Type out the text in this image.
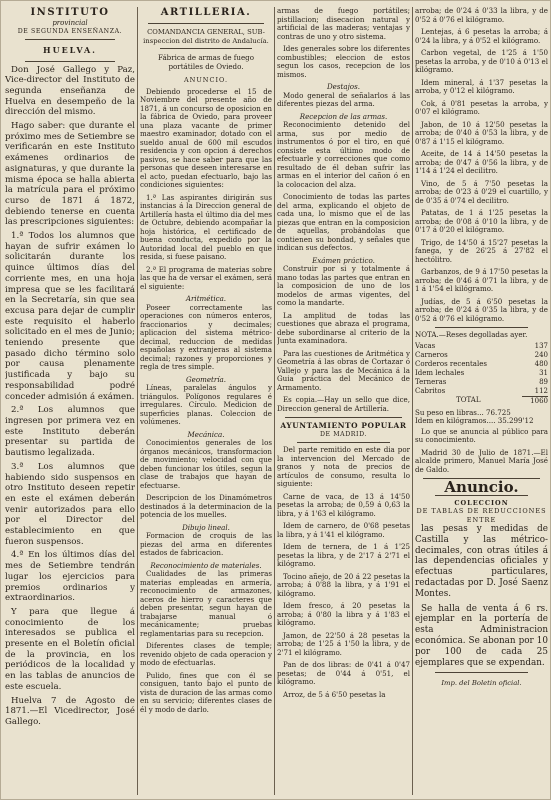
INSTITUTO
provincial
DE SEGUNDA ENSEÑANZA.
HUELVA.

Don José Gallego y Paz, Vice-director del Instituto de segunda enseñanza de Huelva en desempeño de la dirección del mismo.

Hago saber: que durante el próximo mes de Setiembre se verificarán en este Instituto exámenes ordinarios de asignaturas, y que durante la misma época se halla abierta la matrícula para el próximo curso de 1871 á 1872, debiendo tenerse en cuenta las prescripciones siguientes:

1.ª Todos los alumnos que hayan de sufrir exámen lo solicitarán durante los quince últimos días del corriente mes, en una hoja impresa que se les facilitará en la Secretaría, sin que sea excusa para dejar de cumplir este requisito el haberlo solicitado en el mes de Junio; teniendo presente que pasado dicho término solo por causa plenamente justificada y bajo su responsabilidad podré conceder admisión á exámen.

2.ª Los alumnos que ingresen por primera vez en este Instituto deberán presentar su partida de bautismo legalizada.

3.ª Los alumnos que habiendo sido suspensos en otro Instituto deseen repetir en este el exámen deberán venir autorizados para ello por el Director del establecimiento en que fueron suspensos.

4.ª En los últimos días del mes de Setiembre tendrán lugar los ejercicios para premios ordinarios y extraordinarios.

Y para que llegue á conocimiento de los interesados se publica el presente en el Boletín oficial de la provincia, en los periódicos de la localidad y en las tablas de anuncios de este escuela.

Huelva 7 de Agosto de 1871.—El Vicedirector, José Gallego.

ARTILLERIA.
COMANDANCIA GENERAL, SUB-inspeccion del distrito de Andalucía.
Fábrica de armas de fuego portátiles de Oviedo.
ANUNCIO.

Debiendo procederse el 15 de Noviembre del presente año de 1871, á un concurso de oposicion en la fábrica de Oviedo, para proveer una plaza vacante de primer maestro examinador, dotado con el sueldo anual de 600 mil escudos residencia y con opcion á derechos pasivos, se hace saber para que las personas que deseen interesarse en el acto, puedan efectuarlo, bajo las condiciones siguientes:

1.ª Las aspirantes dirigirán sus instancias á la Direccion general de Artillería hasta el último dia del mes de Octubre, debiendo acompañar la hoja histórica, el certificado de buena conducta, expedido por la Autoridad local del pueblo en que resida, si fuese paisano.

2.ª El programa de materias sobre las que ha de versar el exámen, será el siguiente:

Aritmética.

Poseer correctamente las operaciones con números enteros, fraccionarios y decimales; aplicacion del sistema métrico-decimal, reduccion de medidas españolas y extranjeras al sistema decimal; razones y proporciones y regla de tres simple.

Geometría.

Líneas, paralelas ángulos y triángulos. Polígonos regulares é irregulares. Círculo. Medicion de superficies planas. Coleccion de volúmenes.

Mecánica.

Conocimientos generales de los órganos mecánicos, transformacion de movimiento; velocidad con que deben funcionar los útiles, segun la clase de trabajos que hayan de efectuarse.

Descripcion de los Dinamómetros destinados á la determinacion de la potencia de los muelles.

Dibujo lineal.

Formacion de croquis de las piezas del arma en diferentes estados de fabricacion.

Reconocimiento de materiales.

Cualidades de las primeras materias empleadas en armería, reconocimiento de armazones, aceros de hierro y caracteres que deben presentar, segun hayan de trabajarse manual ó mecánicamente; pruebas reglamentarias para su recepcion.

Diferentes clases de temple; revenido objeto de cada operacion y modo de efectuarlas.

Pulido, fines que con él se consiguen, tanto bajo el punto de vista de duracion de las armas como en su servicio; diferentes clases de él y modo de darlo.

armas de fuego portátiles; pistillacion; disecacion natural y artificial de las maderas; ventajas y contras de uno y otro sistema.

Ides generales sobre los diferentes combustibles; eleccion de estos segun los casos, recepcion de los mismos.

Destajos.

Modo general de señalarlos á las diferentes piezas del arma.

Recepcion de las armas.

Reconocimiento detenido del arma, sus por medio de instrumentos ó por el tiro, en qué consiste esta último modo de efectuarle y correcciones que como resultado de él deban sufrir las armas en el interior del cañon ó en la colocacion del alza.

Conocimiento de todas las partes del arma, explicando el objeto de cada una, lo mismo que el de las piezas que entran en la composicion de aquellas, probándolas que contienen su bondad, y señales que indican sus defectos.

Exámen práctico.

Construir por si y totalmente á mano todas las partes que entran en la composicion de uno de los modelos de armas vigentes, del como la mandarte.

La amplitud de todas las cuestiones que abraza el programa, debe subordinarse al criterio de la Junta examinadora.

Para las cuestiones de Aritmética y Geometría á las obras de Cortazar ó Vallejo y para las de Mecánica á la Guia práctica del Mecánico de Armamento.

Es copia.—Hay un sello que dice, Direccion general de Artillería.

AYUNTAMIENTO POPULAR
DE MADRID.

Del parte remitido en este dia por la intervencion del Mercado de granos y nota de precios de artículos de consumo, resulta lo siguiente:

Carne de vaca, de 13 á 14'50 pesetas la arroba; de 0,59 á 0,63 la libra, y á 1'63 el kilógramo.

Idem de carnero, de 0'68 pesetas la libra, y á 1'41 el kilógramo.

Idem de ternera, de 1 á 1'25 pesetas la libra, y de 2'17 á 2'71 el kilógramo.

Tocino añejo, de 20 á 22 pesetas la arroba; á 0'88 la libra, y á 1'91 el kilógramo.

Idem fresco, á 20 pesetas la arroba; á 0'80 la libra y á 1'83 el kilógramo.

Jamon, de 22'50 á 28 pesetas la arroba; de 1'25 á 1'50 la libra, y de 2'71 el kilógramo.

Pan de dos libras: de 0'41 á 0'47 pesetas; de 0'44 á 0'51, el kilógramo.

Arroz, de 5 á 6'50 pesetas la

arroba; de 0'24 á 0'33 la libra, y de 0'52 á 0'76 el kilógramo.

Lentejas, á 6 pesetas la arroba; á 0'24 la libra, y á 0'52 el kilógramo.

Carbon vegetal, de 1'25 á 1'50 pesetas la arroba, y de 0'10 á 0'13 el kilógramo.

Idem mineral, á 1'37 pesetas la arroba, y 0'12 el kilógramo.

Cok, á 0'81 pesetas la arroba, y 0'07 el kilógramo.

Jabon, de 10 á 12'50 pesetas la arroba; de 0'40 á 0'53 la libra, y de 0'87 á 1'15 el kilógramo.

Aceite, de 14 á 14'50 pesetas la arroba; de 0'47 á 0'56 la libra, y de 1'14 á 1'24 el decilitro.

Vino, de 5 á 7'50 pesetas la arroba; de 0'23 á 0'29 el cuartillo, y de 0'35 á 0'74 el decilitro.

Patatas, de 1 á 1'25 pesetas la arroba; de 0'08 á 0'10 la libra, y de 0'17 á 0'20 el kilógramo.

Trigo, de 14'50 á 15'27 pesetas la fanega, y de 26'25 á 27'82 el hectólitro.

Garbanzos, de 9 á 17'50 pesetas la arroba; de 0'46 á 0'71 la libra, y de 1 á 1'54 el kilógramo.

Judías, de 5 á 6'50 pesetas la arroba; de 0'24 á 0'35 la libra, y de 0'52 á 0'76 el kilógramo.

NOTA.—Reses degolladas ayer.
Vacas	137
Carneros	240
Corderos recentales	480
Idem lechales	31
Terneras	89
Cabritos	112
TOTAL	1060
Su peso en libras... 76.725
Idem en kilógramos.... 35.299'12

Lo que se anuncia al público para su conocimiento.

Madrid 30 de Julio de 1871.—El alcalde primero, Manuel María José de Galdo.

Anuncio.
COLECCION
DE TABLAS DE REDUCCIONES
ENTRE

las pesas y medidas de Castilla y las métrico-decimales, con otras útiles á las dependencias oficiales y efectuas particulares, redactadas por D. José Saenz Montes.

Se halla de venta á 6 rs. ejemplar en la portería de esta Administracion económica. Se abonan por 10 por 100 de cada 25 ejemplares que se expendan.

Imp. del Boletin oficial.
